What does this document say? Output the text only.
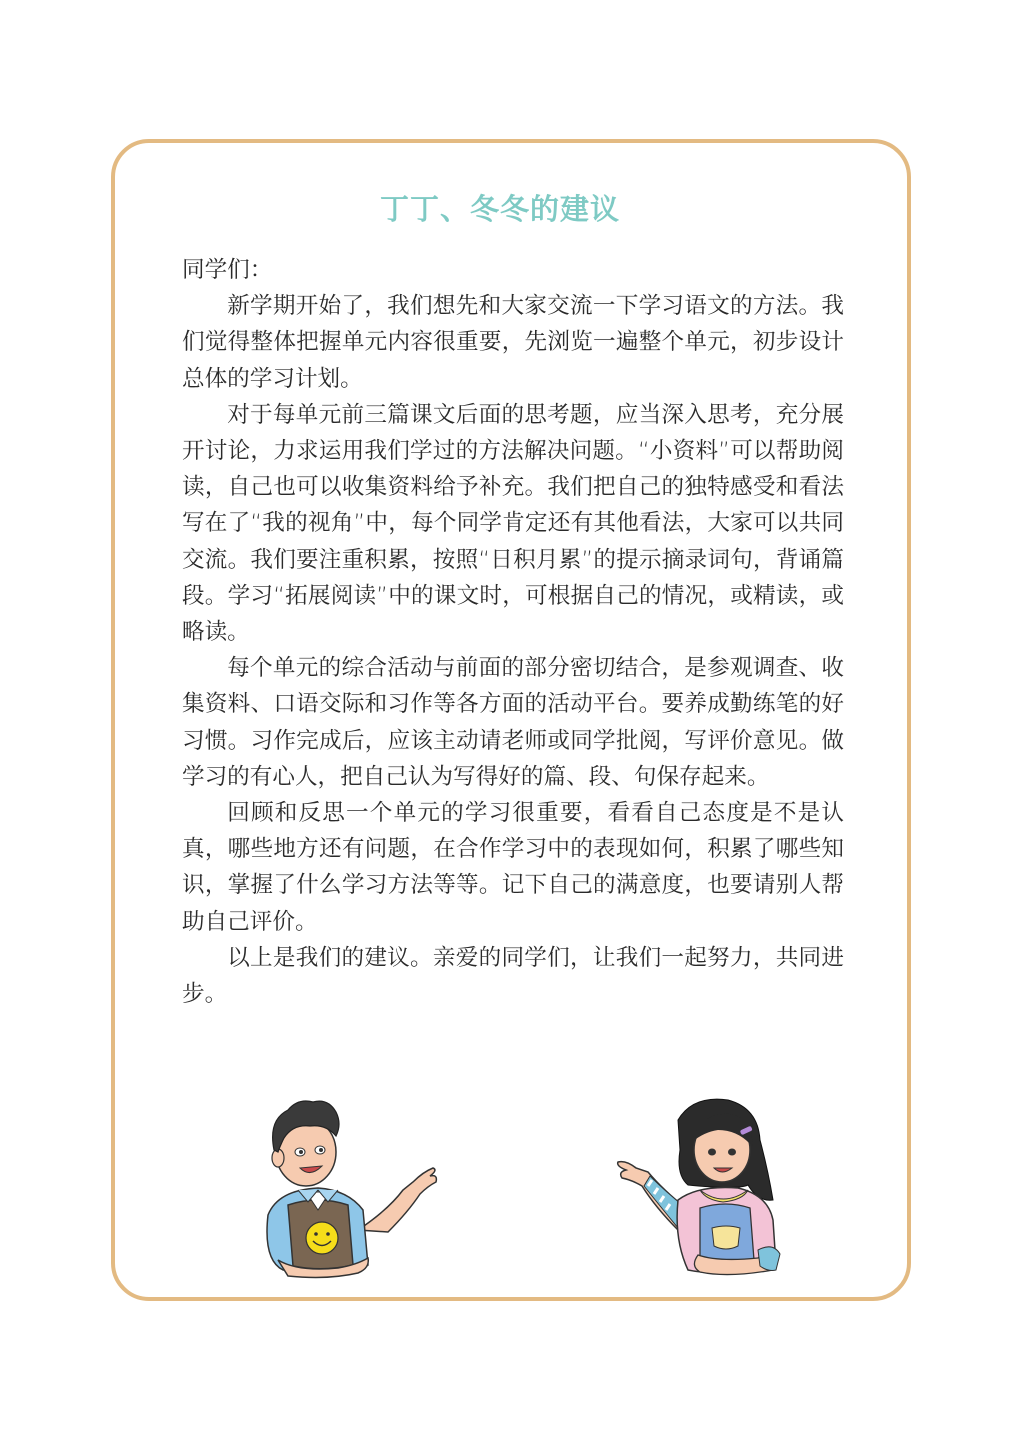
丁丁、冬冬的建议

同学们：

新学期开始了，我们想先和大家交流一下学习语文的方法。我们觉得整体把握单元内容很重要，先浏览一遍整个单元，初步设计总体的学习计划。

对于每单元前三篇课文后面的思考题，应当深入思考，充分展开讨论，力求运用我们学过的方法解决问题。“小资料”可以帮助阅读，自己也可以收集资料给予补充。我们把自己的独特感受和看法写在了“我的视角”中，每个同学肯定还有其他看法，大家可以共同交流。我们要注重积累，按照“日积月累”的提示摘录词句，背诵篇段。学习“拓展阅读”中的课文时，可根据自己的情况，或精读，或略读。

每个单元的综合活动与前面的部分密切结合，是参观调查、收集资料、口语交际和习作等各方面的活动平台。要养成勤练笔的好习惯。习作完成后，应该主动请老师或同学批阅，写评价意见。做学习的有心人，把自己认为写得好的篇、段、句保存起来。

回顾和反思一个单元的学习很重要，看看自己态度是不是认真，哪些地方还有问题，在合作学习中的表现如何，积累了哪些知识，掌握了什么学习方法等等。记下自己的满意度，也要请别人帮助自己评价。

以上是我们的建议。亲爱的同学们，让我们一起努力，共同进步。
